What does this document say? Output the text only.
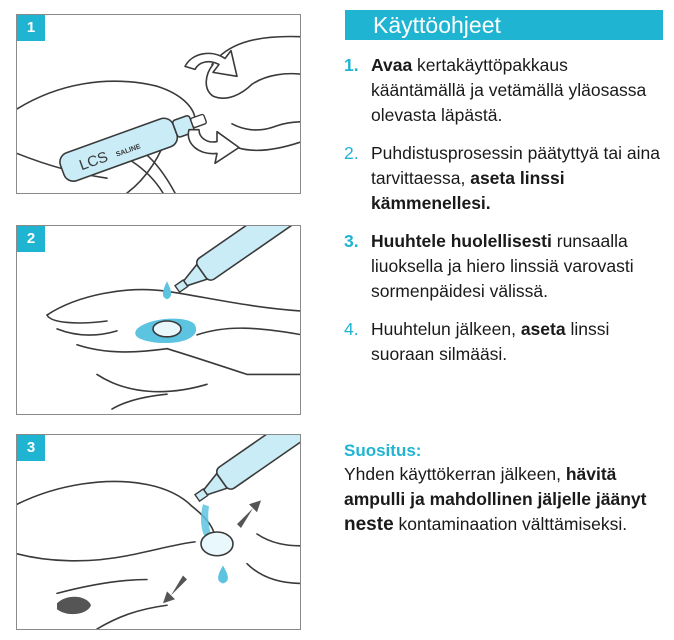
1
LCS SALINE
2
3
Käyttöohjeet
1. Avaa kertakäyttöpakkaus kääntämällä ja vetämällä yläosassa olevasta läpästä.
2. Puhdistusprosessin päätyttyä tai aina tarvittaessa, aseta linssi kämmenellesi.
3. Huuhtele huolellisesti runsaalla liuoksella ja hiero linssiä varovasti sormenpäidesi välissä.
4. Huuhtelun jälkeen, aseta linssi suoraan silmääsi.
Suositus:
Yhden käyttökerran jälkeen, hävitä ampulli ja mahdollinen jäljelle jäänyt neste kontaminaation välttämiseksi.
